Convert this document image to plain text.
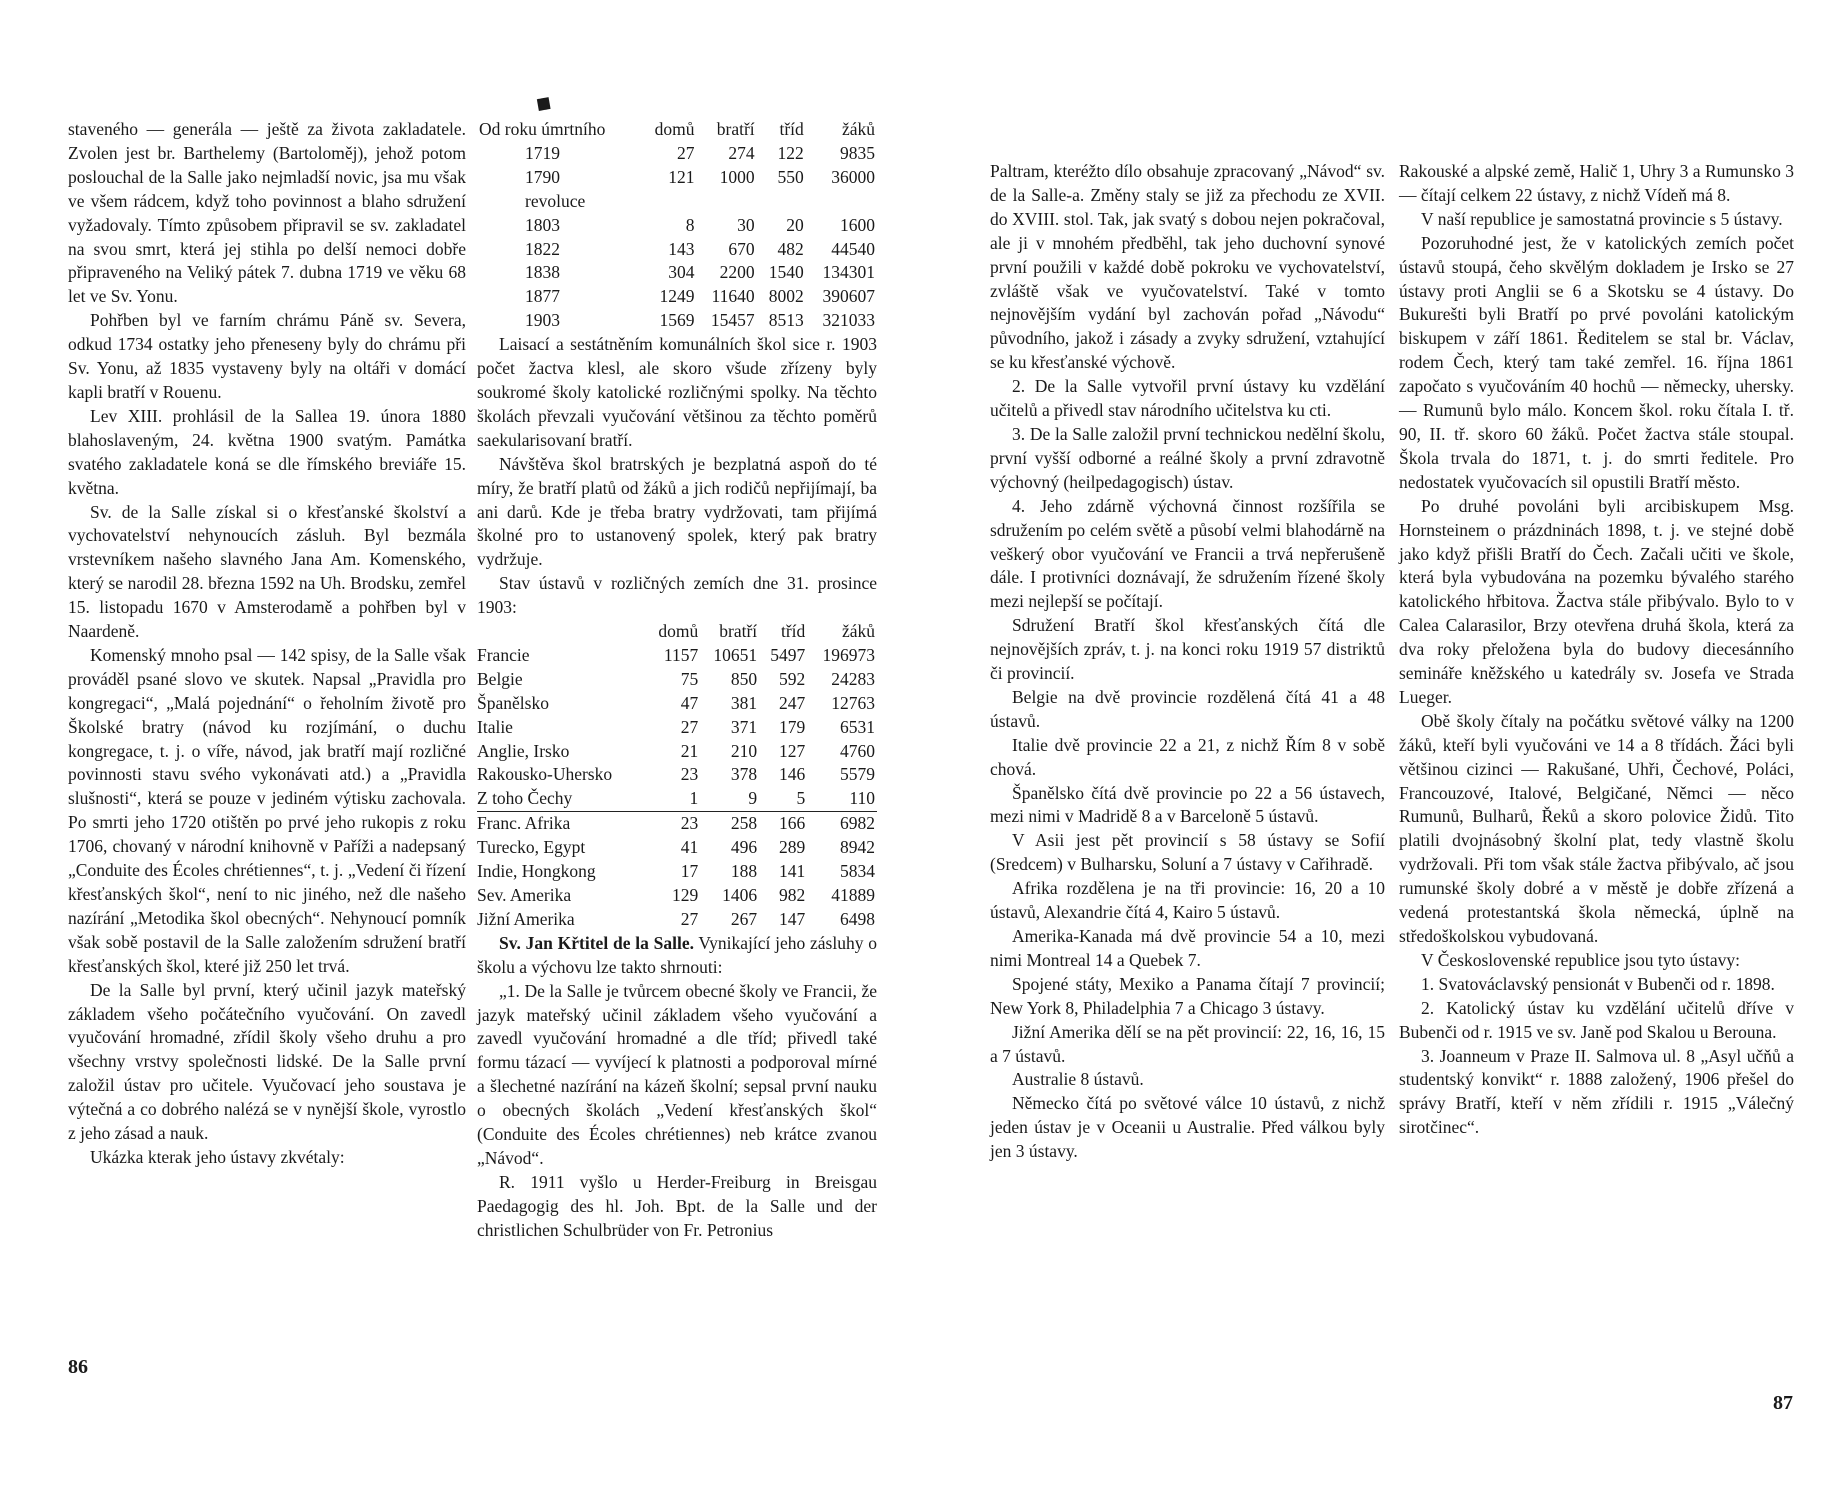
staveného — generála — ještě za života zakladatele. Zvolen jest br. Barthelemy (Bartoloměj), jehož potom poslouchal de la Salle jako nejmladší novic, jsa mu však ve všem rádcem, když toho povinnost a blaho sdružení vyžadovaly. Tímto způsobem připravil se sv. zakladatel na svou smrt, která jej stihla po delší nemoci dobře připraveného na Veliký pátek 7. dubna 1719 ve věku 68 let ve Sv. Yonu.

Pohřben byl ve farním chrámu Páně sv. Severa, odkud 1734 ostatky jeho přeneseny byly do chrámu při Sv. Yonu, až 1835 vystaveny byly na oltáři v domácí kapli bratří v Rouenu.

Lev XIII. prohlásil de la Sallea 19. února 1880 blahoslaveným, 24. května 1900 svatým. Památka svatého zakladatele koná se dle římského breviáře 15. května.

Sv. de la Salle získal si o křesťanské školství a vychovatelství nehynoucích zásluh. Byl bezmála vrstevníkem našeho slavného Jana Am. Komenského, který se narodil 28. března 1592 na Uh. Brodsku, zemřel 15. listopadu 1670 v Amsterodamě a pohřben byl v Naardeně.

Komenský mnoho psal — 142 spisy, de la Salle však prováděl psané slovo ve skutek. Napsal „Pravidla pro kongregaci“, „Malá pojednání“ o řeholním životě pro Školské bratry (návod ku rozjímání, o duchu kongregace, t. j. o víře, návod, jak bratří mají rozličné povinnosti stavu svého vykonávati atd.) a „Pravidla slušnosti“, která se pouze v jediném výtisku zachovala. Po smrti jeho 1720 otištěn po prvé jeho rukopis z roku 1706, chovaný v národní knihovně v Paříži a nadepsaný „Conduite des Écoles chrétiennes“, t. j. „Vedení či řízení křesťanských škol“, není to nic jiného, než dle našeho nazírání „Metodika škol obecných“. Nehynoucí pomník však sobě postavil de la Salle založením sdružení bratří křesťanských škol, které již 250 let trvá.

De la Salle byl první, který učinil jazyk mateřský základem všeho počátečního vyučování. On zavedl vyučování hromadné, zřídil školy všeho druhu a pro všechny vrstvy společnosti lidské. De la Salle první založil ústav pro učitele. Vyučovací jeho soustava je výtečná a co dobrého nalézá se v nynější škole, vyrostlo z jeho zásad a nauk.

Ukázka kterak jeho ústavy zkvétaly:

Od roku úmrtního	domů	bratří	tříd	žáků
1719	27	274	122	9835
1790	121	1000	550	36000
revoluce				
1803	8	30	20	1600
1822	143	670	482	44540
1838	304	2200	1540	134301
1877	1249	11640	8002	390607
1903	1569	15457	8513	321033

Laisací a sestátněním komunálních škol sice r. 1903 počet žactva klesl, ale skoro všude zřízeny byly soukromé školy katolické rozličnými spolky. Na těchto školách převzali vyučování většinou za těchto poměrů saekularisovaní bratří.

Návštěva škol bratrských je bezplatná aspoň do té míry, že bratří platů od žáků a jich rodičů nepřijímají, ba ani darů. Kde je třeba bratry vydržovati, tam přijímá školné pro to ustanovený spolek, který pak bratry vydržuje.

Stav ústavů v rozličných zemích dne 31. prosince 1903:

	domů	bratří	tříd	žáků
Francie	1157	10651	5497	196973
Belgie	75	850	592	24283
Španělsko	47	381	247	12763
Italie	27	371	179	6531
Anglie, Irsko	21	210	127	4760
Rakousko-Uhersko	23	378	146	5579
Z toho Čechy	1	9	5	110
Franc. Afrika	23	258	166	6982
Turecko, Egypt	41	496	289	8942
Indie, Hongkong	17	188	141	5834
Sev. Amerika	129	1406	982	41889
Jižní Amerika	27	267	147	6498

Sv. Jan Křtitel de la Salle. Vynikající jeho zásluhy o školu a výchovu lze takto shrnouti:

„1. De la Salle je tvůrcem obecné školy ve Francii, že jazyk mateřský učinil základem všeho vyučování a zavedl vyučování hromadné a dle tříd; přivedl také formu tázací — vyvíjecí k platnosti a podporoval mírné a šlechetné nazírání na kázeň školní; sepsal první nauku o obecných školách „Vedení křesťanských škol“ (Conduite des Écoles chrétiennes) neb krátce zvanou „Návod“.

R. 1911 vyšlo u Herder-Freiburg in Breisgau Paedagogig des hl. Joh. Bpt. de la Salle und der christlichen Schulbrüder von Fr. Petronius

86
◆

Paltram, kteréžto dílo obsahuje zpracovaný „Návod“ sv. de la Salle-a. Změny staly se již za přechodu ze XVII. do XVIII. stol. Tak, jak svatý s dobou nejen pokračoval, ale ji v mnohém předběhl, tak jeho duchovní synové první použili v každé době pokroku ve vychovatelství, zvláště však ve vyučovatelství. Také v tomto nejnovějším vydání byl zachován pořad „Návodu“ původního, jakož i zásady a zvyky sdružení, vztahující se ku křesťanské výchově.

2. De la Salle vytvořil první ústavy ku vzdělání učitelů a přivedl stav národního učitelstva ku cti.

3. De la Salle založil první technickou nedělní školu, první vyšší odborné a reálné školy a první zdravotně výchovný (heilpedagogisch) ústav.

4. Jeho zdárně výchovná činnost rozšířila se sdružením po celém světě a působí velmi blahodárně na veškerý obor vyučování ve Francii a trvá nepřerušeně dále. I protivníci doznávají, že sdružením řízené školy mezi nejlepší se počítají.

Sdružení Bratří škol křesťanských čítá dle nejnovějších zpráv, t. j. na konci roku 1919 57 distriktů či provincií.

Belgie na dvě provincie rozdělená čítá 41 a 48 ústavů.

Italie dvě provincie 22 a 21, z nichž Řím 8 v sobě chová.

Španělsko čítá dvě provincie po 22 a 56 ústavech, mezi nimi v Madridě 8 a v Barceloně 5 ústavů.

V Asii jest pět provincií s 58 ústavy se Sofií (Sredcem) v Bulharsku, Soluní a 7 ústavy v Cařihradě.

Afrika rozdělena je na tři provincie: 16, 20 a 10 ústavů, Alexandrie čítá 4, Kairo 5 ústavů.

Amerika-Kanada má dvě provincie 54 a 10, mezi nimi Montreal 14 a Quebek 7.

Spojené státy, Mexiko a Panama čítají 7 provincií; New York 8, Philadelphia 7 a Chicago 3 ústavy.

Jižní Amerika dělí se na pět provincií: 22, 16, 16, 15 a 7 ústavů.

Australie 8 ústavů.

Německo čítá po světové válce 10 ústavů, z nichž jeden ústav je v Oceanii u Australie. Před válkou byly jen 3 ústavy.

Rakouské a alpské země, Halič 1, Uhry 3 a Rumunsko 3 — čítají celkem 22 ústavy, z nichž Vídeň má 8.

V naší republice je samostatná provincie s 5 ústavy.

Pozoruhodné jest, že v katolických zemích počet ústavů stoupá, čeho skvělým dokladem je Irsko se 27 ústavy proti Anglii se 6 a Skotsku se 4 ústavy. Do Bukurešti byli Bratří po prvé povoláni katolickým biskupem v září 1861. Ředitelem se stal br. Václav, rodem Čech, který tam také zemřel. 16. října 1861 započato s vyučováním 40 hochů — německy, uhersky. — Rumunů bylo málo. Koncem škol. roku čítala I. tř. 90, II. tř. skoro 60 žáků. Počet žactva stále stoupal. Škola trvala do 1871, t. j. do smrti ředitele. Pro nedostatek vyučovacích sil opustili Bratří město.

Po druhé povoláni byli arcibiskupem Msg. Hornsteinem o prázdninách 1898, t. j. ve stejné době jako když přišli Bratří do Čech. Začali učiti ve škole, která byla vybudována na pozemku bývalého starého katolického hřbitova. Žactva stále přibývalo. Bylo to v Calea Calarasilor, Brzy otevřena druhá škola, která za dva roky přeložena byla do budovy diecesánního semináře kněžského u katedrály sv. Josefa ve Strada Lueger.

Obě školy čítaly na počátku světové války na 1200 žáků, kteří byli vyučováni ve 14 a 8 třídách. Žáci byli většinou cizinci — Rakušané, Uhři, Čechové, Poláci, Francouzové, Italové, Belgičané, Němci — něco Rumunů, Bulharů, Řeků a skoro polovice Židů. Tito platili dvojnásobný školní plat, tedy vlastně školu vydržovali. Při tom však stále žactva přibývalo, ač jsou rumunské školy dobré a v městě je dobře zřízená a vedená protestantská škola německá, úplně na středoškolskou vybudovaná.

V Československé republice jsou tyto ústavy:

1. Svatováclavský pensionát v Bubenči od r. 1898.

2. Katolický ústav ku vzdělání učitelů dříve v Bubenči od r. 1915 ve sv. Janě pod Skalou u Berouna.

3. Joanneum v Praze II. Salmova ul. 8 „Asyl učňů a studentský konvikt“ r. 1888 založený, 1906 přešel do správy Bratří, kteří v něm zřídili r. 1915 „Válečný sirotčinec“.

87
